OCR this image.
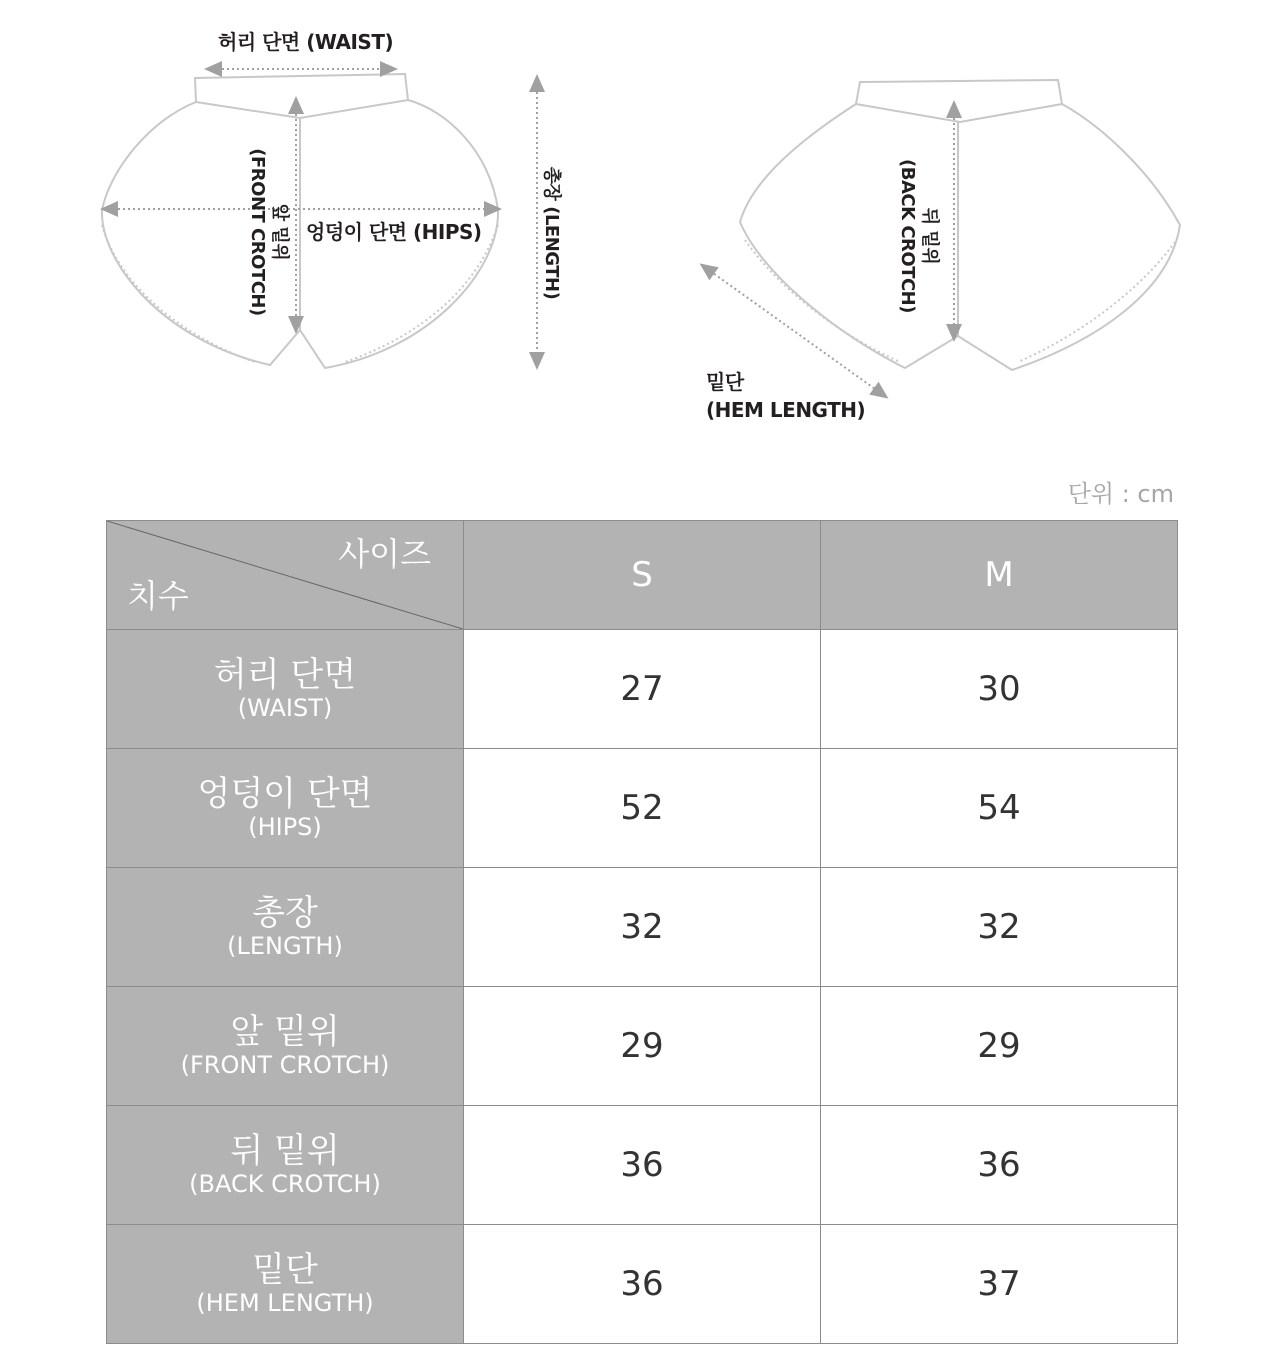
허리 단면 (WAIST)
앞 밑위
(FRONT CROTCH) 엉덩이 단면 (HIPS)	총장 (LENGTH)	뒤 밑위
(BACK CROTCH)
밑단
(HEM LENGTH)
단위 : cm
사이즈
치수	S	M

허리 단면
(WAIST)	27	30

엉덩이 단면
(HIPS)	52	54

총장
(LENGTH)	32	32

앞 밑위
(FRONT CROTCH)	29	29

뒤 밑위
(BACK CROTCH)	36	36

밑단
(HEM LENGTH)	36	37
